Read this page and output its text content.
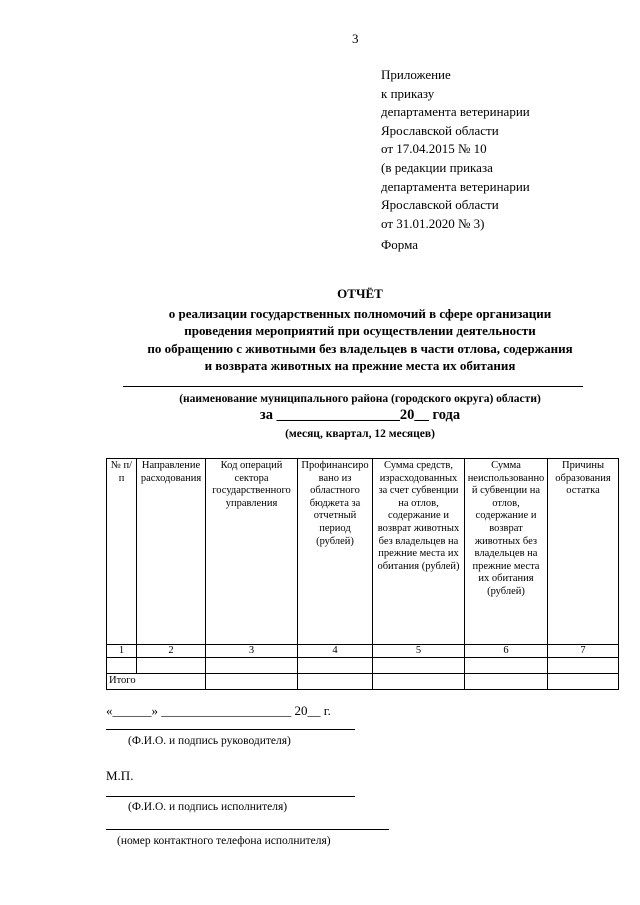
3
Приложение
к приказу
департамента ветеринарии
Ярославской области
от 17.04.2015 № 10
(в редакции приказа
департамента ветеринарии
Ярославской области
от 31.01.2020 № 3)
Форма
ОТЧЁТ
о реализации государственных полномочий в сфере организации
проведения мероприятий при осуществлении деятельности
по обращению с животными без владельцев в части отлова, содержания
и возврата животных на прежние места их обитания
(наименование муниципального района (городского округа) области)
за _________________20__ года
(месяц, квартал, 12 месяцев)
№ п/п	Направление расходования	Код операций сектора государственного управления	Профинансировано из областного бюджета за отчетный период (рублей)	Сумма средств, израсходованных за счет субвенции на отлов, содержание и возврат животных без владельцев на прежние места их обитания (рублей)	Сумма неиспользованной субвенции на отлов, содержание и возврат животных без владельцев на прежние места их обитания (рублей)	Причины образования остатка
1	2	3	4	5	6	7

Итого						
«______» ____________________ 20__ г.
(Ф.И.О. и подпись руководителя)
М.П.
(Ф.И.О. и подпись исполнителя)
(номер контактного телефона исполнителя)
